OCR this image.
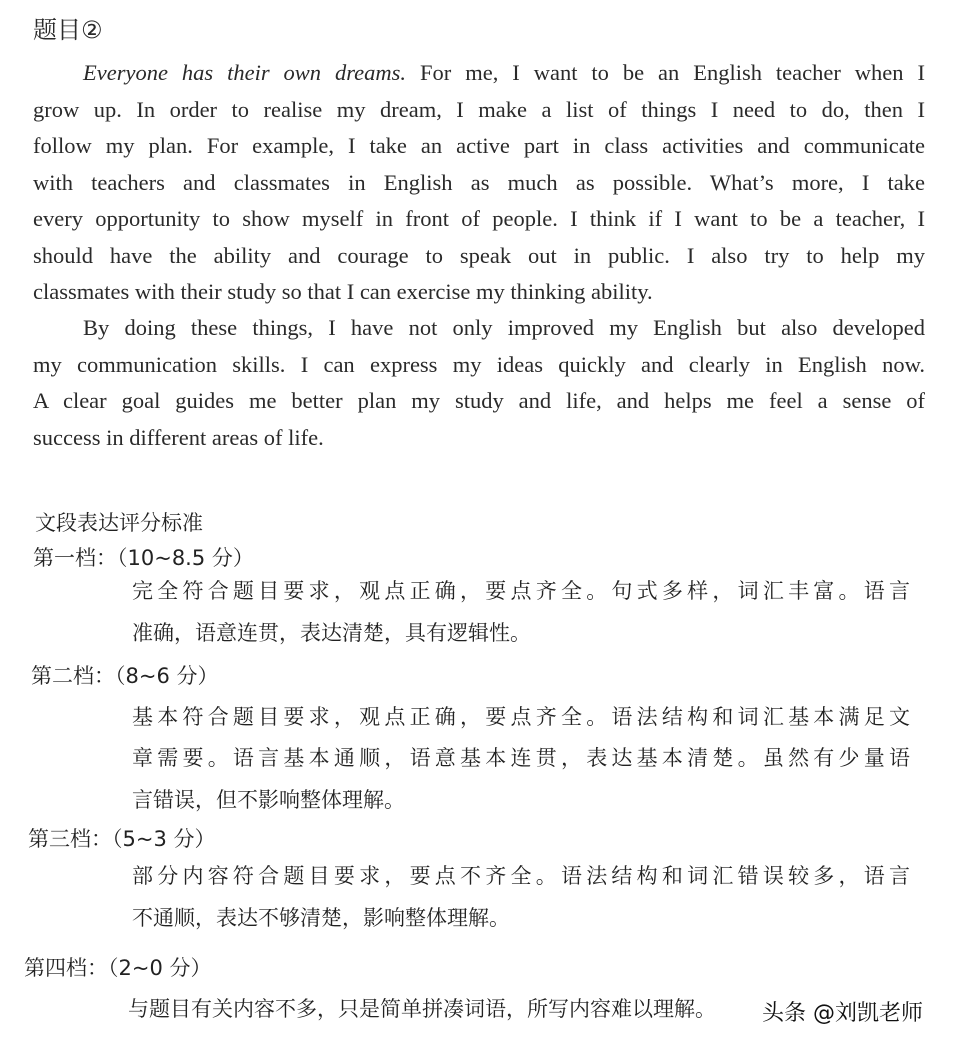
题目②
Everyone has their own dreams. For me, I want to be an English teacher when I
grow up. In order to realise my dream, I make a list of things I need to do, then I
follow my plan. For example, I take an active part in class activities and communicate
with teachers and classmates in English as much as possible. What’s more, I take
every opportunity to show myself in front of people. I think if I want to be a teacher, I
should have the ability and courage to speak out in public. I also try to help my
classmates with their study so that I can exercise my thinking ability.
By doing these things, I have not only improved my English but also developed
my communication skills. I can express my ideas quickly and clearly in English now.
A clear goal guides me better plan my study and life, and helps me feel a sense of
success in different areas of life.
文段表达评分标准
第一档：（10~8.5 分）
完全符合题目要求，观点正确，要点齐全。句式多样，词汇丰富。语言
准确，语意连贯，表达清楚，具有逻辑性。
第二档：（8~6 分）
基本符合题目要求，观点正确，要点齐全。语法结构和词汇基本满足文
章需要。语言基本通顺，语意基本连贯，表达基本清楚。虽然有少量语
言错误，但不影响整体理解。
第三档：（5~3 分）
部分内容符合题目要求，要点不齐全。语法结构和词汇错误较多，语言
不通顺，表达不够清楚，影响整体理解。
第四档：（2~0 分）
与题目有关内容不多，只是简单拼凑词语，所写内容难以理解。	头条 @刘凯老师
